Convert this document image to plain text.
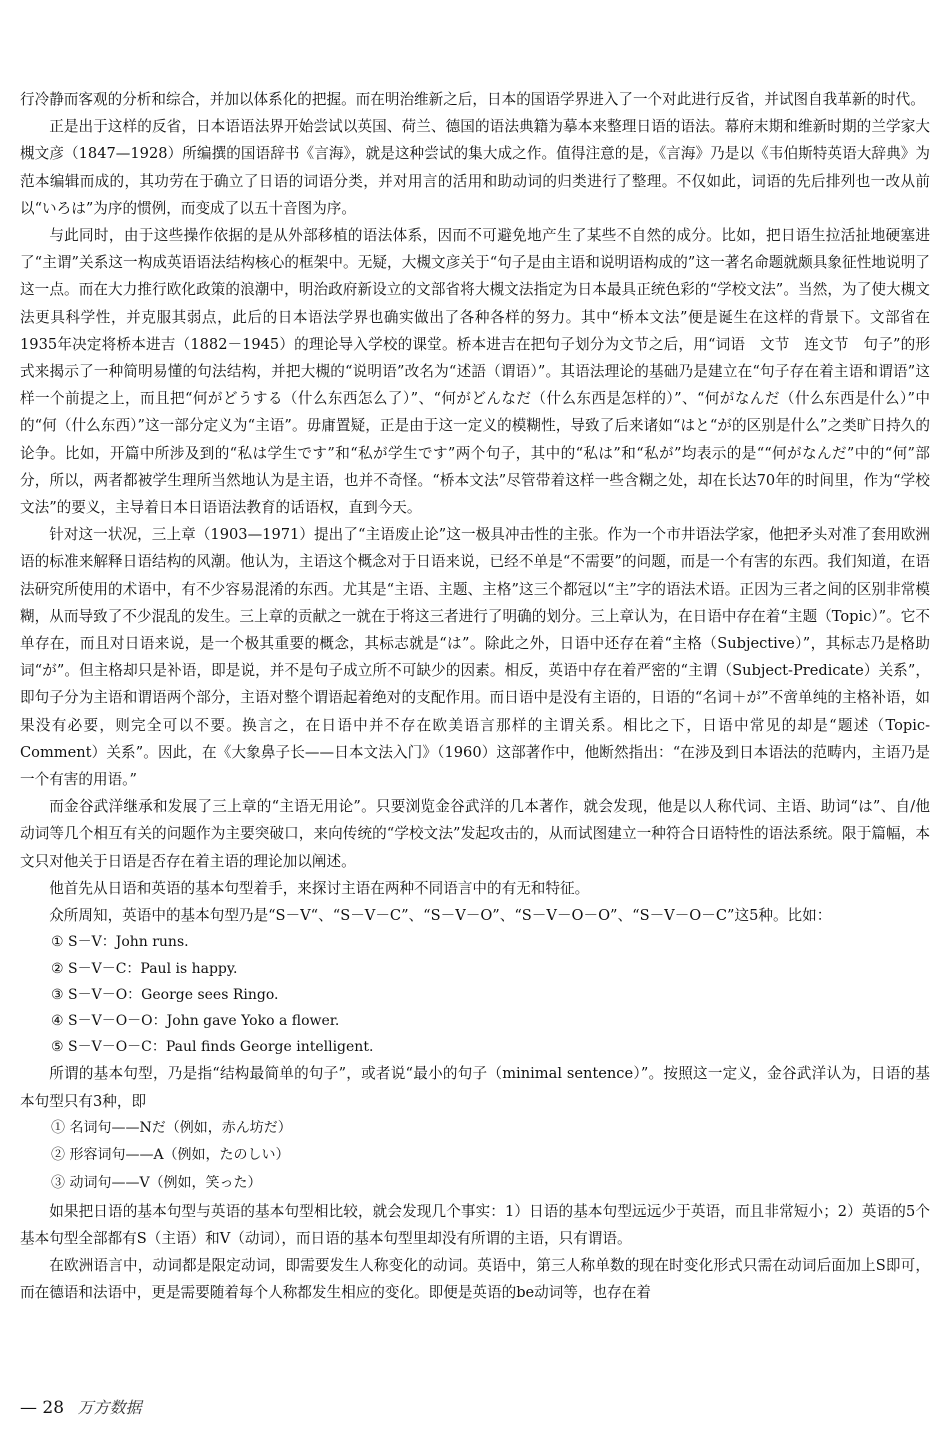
行冷静而客观的分析和综合，并加以体系化的把握。而在明治维新之后，日本的国语学界进入了一个对此进行反省，并试图自我革新的时代。

正是出于这样的反省，日本语语法界开始尝试以英国、荷兰、德国的语法典籍为摹本来整理日语的语法。幕府末期和维新时期的兰学家大槻文彦（1847—1928）所编撰的国语辞书《言海》，就是这种尝试的集大成之作。值得注意的是，《言海》乃是以《韦伯斯特英语大辞典》为范本编辑而成的，其功劳在于确立了日语的词语分类，并对用言的活用和助动词的归类进行了整理。不仅如此，词语的先后排列也一改从前以“いろは”为序的惯例，而变成了以五十音图为序。

与此同时，由于这些操作依据的是从外部移植的语法体系，因而不可避免地产生了某些不自然的成分。比如，把日语生拉活扯地硬塞进了“主谓”关系这一构成英语语法结构核心的框架中。无疑，大槻文彦关于“句子是由主语和说明语构成的”这一著名命题就颇具象征性地说明了这一点。而在大力推行欧化政策的浪潮中，明治政府新设立的文部省将大槻文法指定为日本最具正统色彩的“学校文法”。当然，为了使大槻文法更具科学性，并克服其弱点，此后的日本语法学界也确实做出了各种各样的努力。其中“桥本文法”便是诞生在这样的背景下。文部省在1935年决定将桥本进吉（1882－1945）的理论导入学校的课堂。桥本进吉在把句子划分为文节之后，用“词语　文节　连文节　句子”的形式来揭示了一种简明易懂的句法结构，并把大槻的“说明语”改名为“述語（谓语）”。其语法理论的基础乃是建立在“句子存在着主语和谓语”这样一个前提之上，而且把“何がどうする（什么东西怎么了）”、“何がどんなだ（什么东西是怎样的）”、“何がなんだ（什么东西是什么）”中的“何（什么东西）”这一部分定义为“主语”。毋庸置疑，正是由于这一定义的模糊性，导致了后来诸如“はと“が的区别是什么”之类旷日持久的论争。比如，开篇中所涉及到的“私は学生です”和“私が学生です”两个句子，其中的“私は”和“私が”均表示的是““何がなんだ”中的“何”部分，所以，两者都被学生理所当然地认为是主语，也并不奇怪。“桥本文法”尽管带着这样一些含糊之处，却在长达70年的时间里，作为“学校文法”的要义，主导着日本日语语法教育的话语权，直到今天。

针对这一状况，三上章（1903—1971）提出了“主语废止论”这一极具冲击性的主张。作为一个市井语法学家，他把矛头对准了套用欧洲语的标准来解释日语结构的风潮。他认为，主语这个概念对于日语来说，已经不单是“不需要”的问题，而是一个有害的东西。我们知道，在语法研究所使用的术语中，有不少容易混淆的东西。尤其是“主语、主题、主格”这三个都冠以“主”字的语法术语。正因为三者之间的区别非常模糊，从而导致了不少混乱的发生。三上章的贡献之一就在于将这三者进行了明确的划分。三上章认为，在日语中存在着“主题（Topic）”。它不单存在，而且对日语来说，是一个极其重要的概念，其标志就是“は”。除此之外，日语中还存在着“主格（Subjective）”，其标志乃是格助词“が”。但主格却只是补语，即是说，并不是句子成立所不可缺少的因素。相反，英语中存在着严密的“主谓（Subject-Predicate）关系”，即句子分为主语和谓语两个部分，主语对整个谓语起着绝对的支配作用。而日语中是没有主语的，日语的“名词＋が”不啻单纯的主格补语，如果没有必要，则完全可以不要。换言之，在日语中并不存在欧美语言那样的主谓关系。相比之下，日语中常见的却是“题述（Topic-Comment）关系”。因此，在《大象鼻子长——日本文法入门》（1960）这部著作中，他断然指出：“在涉及到日本语法的范畴内，主语乃是一个有害的用语。”

而金谷武洋继承和发展了三上章的“主语无用论”。只要浏览金谷武洋的几本著作，就会发现，他是以人称代词、主语、助词“は”、自/他动词等几个相互有关的问题作为主要突破口，来向传统的“学校文法”发起攻击的，从而试图建立一种符合日语特性的语法系统。限于篇幅，本文只对他关于日语是否存在着主语的理论加以阐述。

他首先从日语和英语的基本句型着手，来探讨主语在两种不同语言中的有无和特征。

众所周知，英语中的基本句型乃是“S－V“、“S－V－C”、“S－V－O”、“S－V－O－O”、“S－V－O－C”这5种。比如：

① S－V：John runs.

② S－V－C：Paul is happy.

③ S－V－O：George sees Ringo.

④ S－V－O－O：John gave Yoko a flower.

⑤ S－V－O－C：Paul finds George intelligent.

所谓的基本句型，乃是指“结构最简单的句子”，或者说“最小的句子（minimal sentence）”。按照这一定义，金谷武洋认为，日语的基本句型只有3种，即

① 名词句——Nだ（例如，赤ん坊だ）

② 形容词句——A（例如，たのしい）

③ 动词句——V（例如，笑った）

如果把日语的基本句型与英语的基本句型相比较，就会发现几个事实：1）日语的基本句型远远少于英语，而且非常短小；2）英语的5个基本句型全部都有S（主语）和V（动词），而日语的基本句型里却没有所谓的主语，只有谓语。

在欧洲语言中，动词都是限定动词，即需要发生人称变化的动词。英语中，第三人称单数的现在时变化形式只需在动词后面加上S即可，而在德语和法语中，更是需要随着每个人称都发生相应的变化。即便是英语的be动词等，也存在着

— 28 万方数据
